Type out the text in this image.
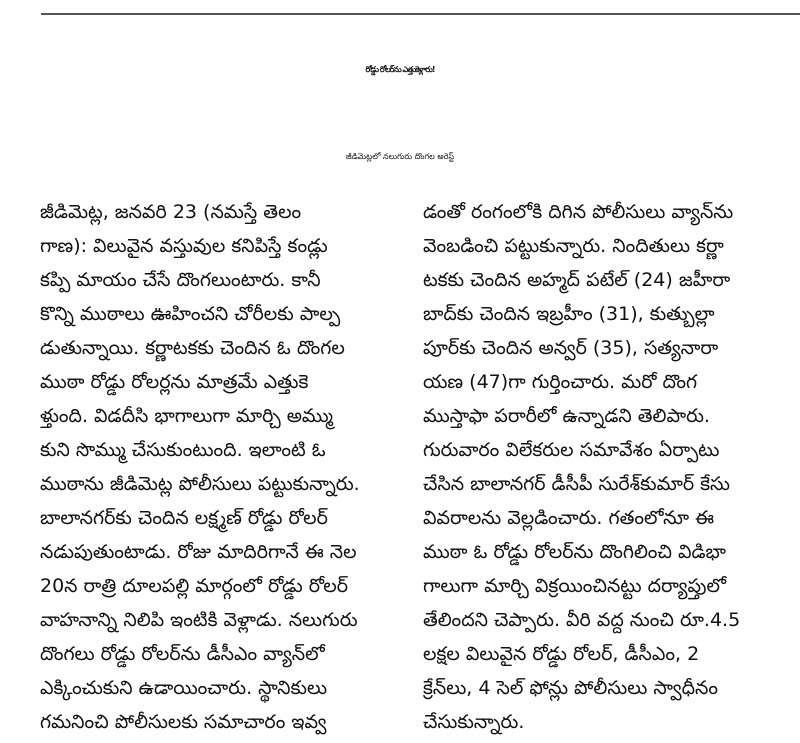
రోడ్డు రోలర్‌ను ఎత్తుకెళ్లారు!
జీడిమెట్లలో నలుగురు దొంగల అరెస్ట్
జీడిమెట్ల, జనవరి 23 (నమస్తే తెలం
గాణ): విలువైన వస్తువుల కనిపిస్తే కండ్లు
కప్పి మాయం చేసే దొంగలుంటారు. కానీ
కొన్ని ముఠాలు ఊహించని చోరీలకు పాల్ప
డుతున్నాయి. కర్ణాటకకు చెందిన ఓ దొంగల
ముఠా రోడ్డు రోలర్లను మాత్రమే ఎత్తుకె
ళ్తుంది. విడదీసి భాగాలుగా మార్చి అమ్ము
కుని సొమ్ము చేసుకుంటుంది. ఇలాంటి ఓ
ముఠాను జీడిమెట్ల పోలీసులు పట్టుకున్నారు.
బాలానగర్‌కు చెందిన లక్ష్మణ్ రోడ్డు రోలర్
నడుపుతుంటాడు. రోజు మాదిరిగానే ఈ నెల
20న రాత్రి దూలపల్లి మార్గంలో రోడ్డు రోలర్
వాహనాన్ని నిలిపి ఇంటికి వెళ్లాడు. నలుగురు
దొంగలు రోడ్డు రోలర్‌ను డీసీఎం వ్యాన్‌లో
ఎక్కించుకుని ఉడాయించారు. స్థానికులు
గమనించి పోలీసులకు సమాచారం ఇవ్వ
డంతో రంగంలోకి దిగిన పోలీసులు వ్యాన్‌ను
వెంబడించి పట్టుకున్నారు. నిందితులు కర్ణా
టకకు చెందిన అహ్మద్ పటేల్ (24) జహీరా
బాద్‌కు చెందిన ఇబ్రహీం (31), కుత్బుల్లా
పూర్‌కు చెందిన అన్వర్ (35), సత్యనారా
యణ (47)గా గుర్తించారు. మరో దొంగ
ముస్తాఫా పరారీలో ఉన్నాడని తెలిపారు.
గురువారం విలేకరుల సమావేశం ఏర్పాటు
చేసిన బాలానగర్ డీసీపీ సురేశ్‌కుమార్ కేసు
వివరాలను వెల్లడించారు. గతంలోనూ ఈ
ముఠా ఓ రోడ్డు రోలర్‌ను దొంగిలించి విడిభా
గాలుగా మార్చి విక్రయించినట్టు దర్యాప్తులో
తేలిందని చెప్పారు. వీరి వద్ద నుంచి రూ.4.5
లక్షల విలువైన రోడ్డు రోలర్, డీసీఎం, 2
క్రేన్‌లు, 4 సెల్ ఫోన్లు పోలీసులు స్వాధీనం
చేసుకున్నారు.
